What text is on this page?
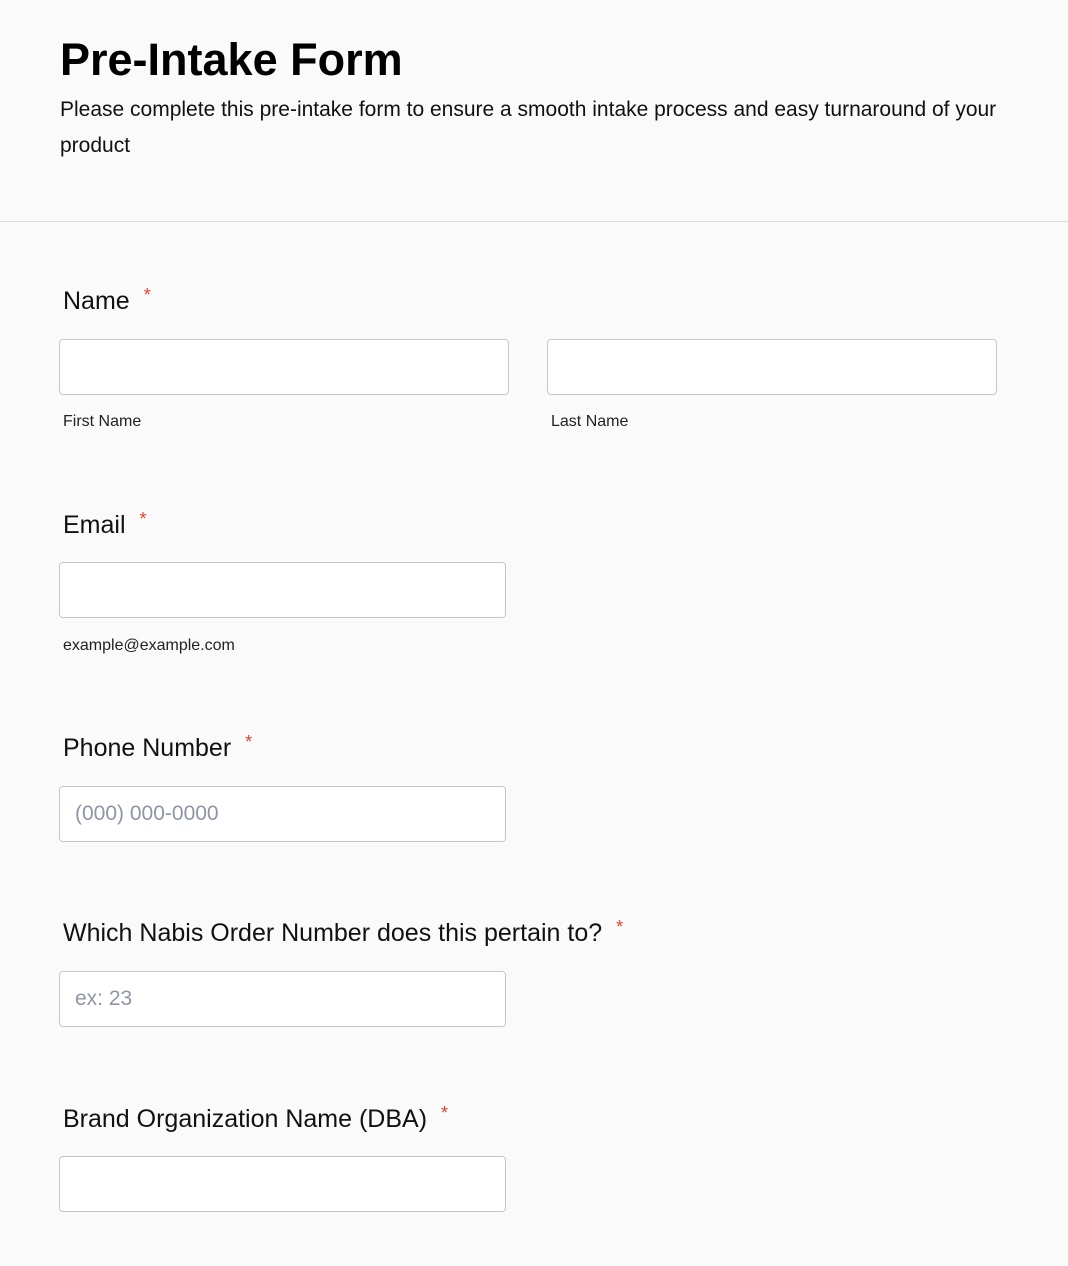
Pre-Intake Form

Please complete this pre-intake form to ensure a smooth intake process and easy turnaround of your product

Name *
First Name	Last Name
Email *
example@example.com
Phone Number *
(000) 000-0000
Which Nabis Order Number does this pertain to? *
ex: 23
Brand Organization Name (DBA) *
